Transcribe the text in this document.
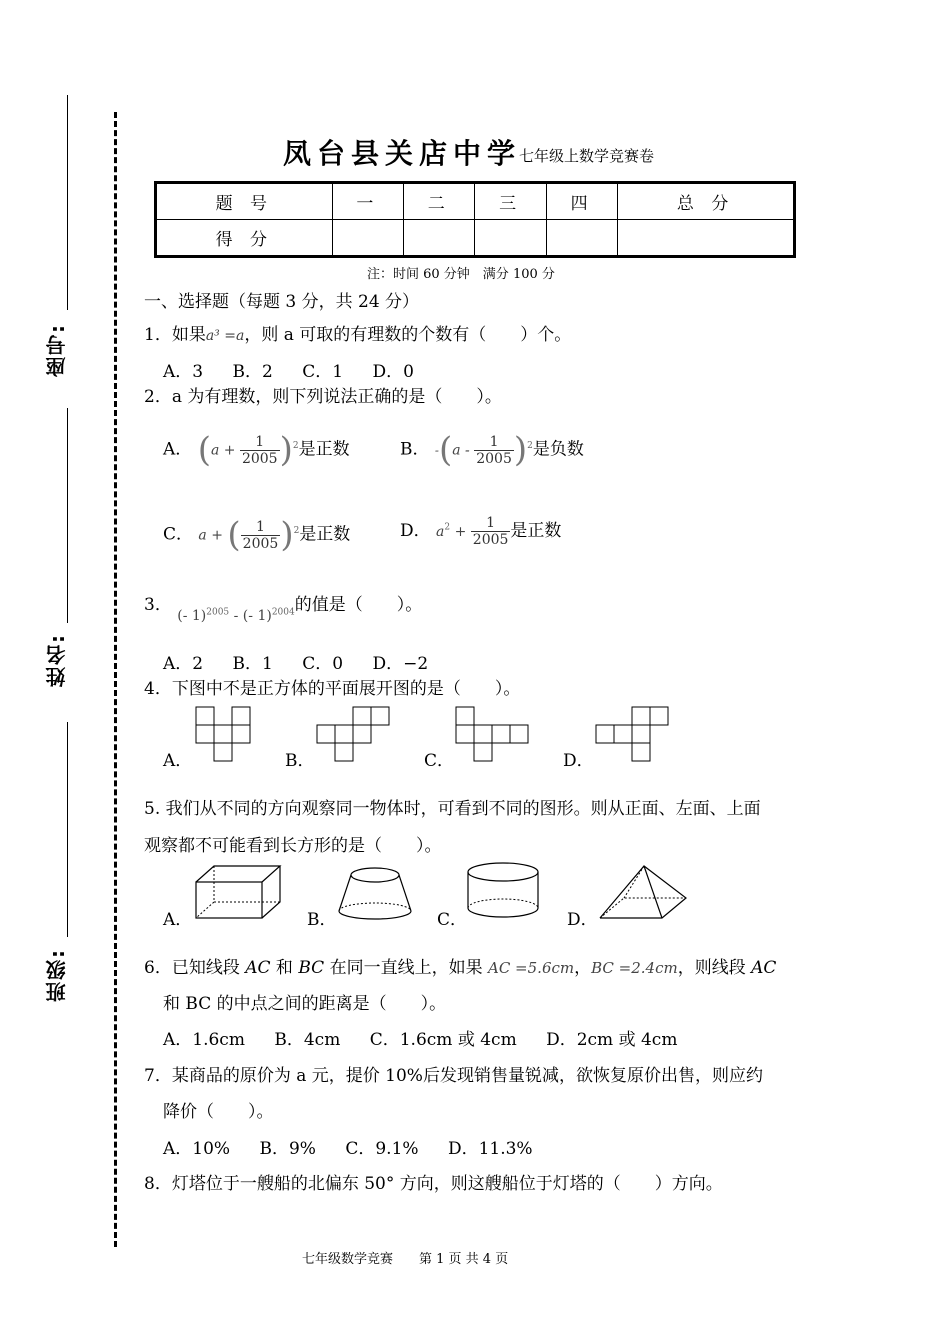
座号:
姓名:
班级:
凤台县关店中学
七年级上数学竞赛卷
题 号	一	二	三	四	总 分
得 分					
注：时间 60 分钟　满分 100 分
一、选择题（每题 3 分，共 24 分）
1．如果a³ =a，则 a 可取的有理数的个数有（　　）个。
A．3 B．2 C．1 D．0
2．a 为有理数，则下列说法正确的是（　　）。
A． $(a + \frac{1}{2005} )^2$是正数	B． $-(a - \frac{1}{2005} )^2$是负数
C． a + ( $\frac{1}{2005} )^2$是正数	D． $a^2 + \frac{1}{2005}$ 是正数
3． $_{(- 1)^{2005} - (- 1)^{2004}}$的值是（　　）。
A．2 B．1 C．0 D．−2
4．下图中不是正方体的平面展开图的是（　　）。
A．	B．	C．	D．
5. 我们从不同的方向观察同一物体时，可看到不同的图形。则从正面、左面、上面
观察都不可能看到长方形的是（　　）。
A．	B．	C．	D．
6．已知线段 AC 和 BC 在同一直线上，如果 AC =5.6cm，BC =2.4cm，则线段 AC
和 BC 的中点之间的距离是（　　）。
A．1.6cm B．4cm C．1.6cm 或 4cm D．2cm 或 4cm
7．某商品的原价为 a 元，提价 10%后发现销售量锐减，欲恢复原价出售，则应约
降价（　　）。
A．10% B．9% C．9.1% D．11.3%
8．灯塔位于一艘船的北偏东 50° 方向，则这艘船位于灯塔的（　　）方向。
七年级数学竞赛　　第 1 页 共 4 页
